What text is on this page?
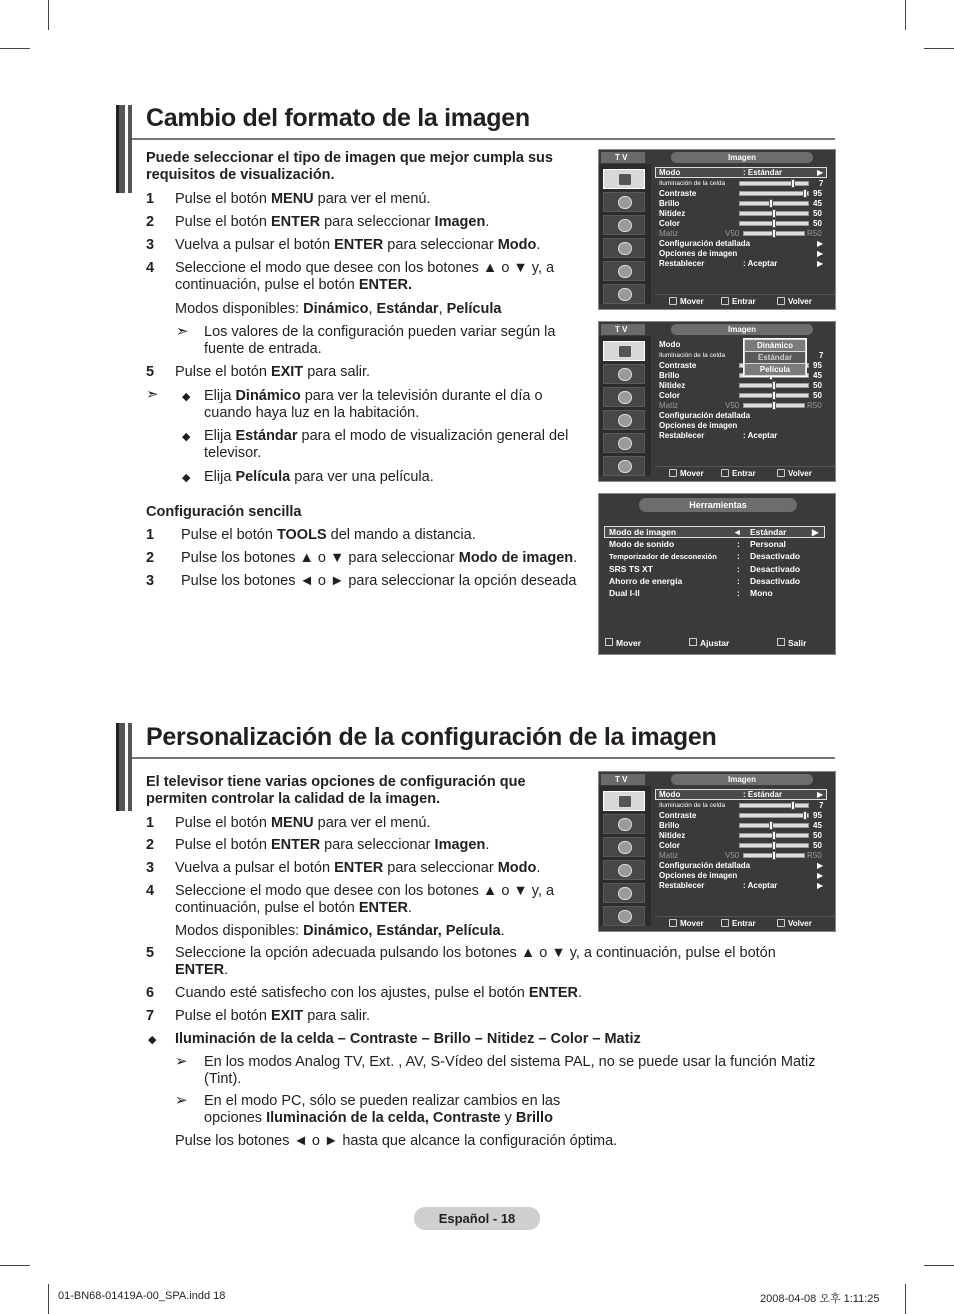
Cambio del formato de la imagen
Puede seleccionar el tipo de imagen que mejor cumpla sus requisitos de visualización.
1 Pulse el botón MENU para ver el menú.
2 Pulse el botón ENTER para seleccionar Imagen.
3 Vuelva a pulsar el botón ENTER para seleccionar Modo.
4 Seleccione el modo que desee con los botones ▲ o ▼ y, a
continuación, pulse el botón ENTER.
Modos disponibles: Dinámico, Estándar, Película
➣ Los valores de la configuración pueden variar según la fuente de entrada.
5 Pulse el botón EXIT para salir.
➣ ◆ Elija Dinámico para ver la televisión durante el día o cuando haya luz en la habitación.
◆ Elija Estándar para el modo de visualización general del televisor.
◆ Elija Película para ver una película.
Configuración sencilla
1 Pulse el botón TOOLS del mando a distancia.
2 Pulse los botones ▲ o ▼ para seleccionar Modo de imagen.
3 Pulse los botones ◄ o ► para seleccionar la opción deseada
T V	Imagen
Modo	: Estándar	▶
Iluminación de la celda	7
Contraste	95
Brillo	45
Nitidez	50
Color	50
Matiz	V50	R50
Configuración detallada	▶
Opciones de imagen	▶
Restablecer	: Aceptar	▶
Mover	Entrar	Volver
T V	Imagen
Modo
Iluminación de la celda	7
Contraste	95
Brillo	45
Nitidez	50
Color	50
Matiz	V50	R50
Configuración detallada
Opciones de imagen
Restablecer	: Aceptar
Dinámico
Estándar
Película
Mover	Entrar	Volver
Herramientas
Modo de imagen	◄ Estándar	▶
Modo de sonido	: Personal
Temporizador de desconexión : Desactivado
SRS TS XT	: Desactivado
Ahorro de energía	: Desactivado
Dual I-II	: Mono
Mover	Ajustar	Salir
Personalización de la configuración de la imagen
El televisor tiene varias opciones de configuración que permiten controlar la calidad de la imagen.
1 Pulse el botón MENU para ver el menú.
2 Pulse el botón ENTER para seleccionar Imagen.
3 Vuelva a pulsar el botón ENTER para seleccionar Modo.
4 Seleccione el modo que desee con los botones ▲ o ▼ y, a
continuación, pulse el botón ENTER.
Modos disponibles: Dinámico, Estándar, Película.
5 Seleccione la opción adecuada pulsando los botones ▲ o ▼ y, a continuación, pulse el botón
ENTER.
6 Cuando esté satisfecho con los ajustes, pulse el botón ENTER.
7 Pulse el botón EXIT para salir.
◆ Iluminación de la celda – Contraste – Brillo – Nitidez – Color – Matiz
➢ En los modos Analog TV, Ext. , AV, S-Vídeo del sistema PAL, no se puede usar la función Matiz (Tint).
➢ En el modo PC, sólo se pueden realizar cambios en las
opciones Iluminación de la celda, Contraste y Brillo
Pulse los botones ◄ o ► hasta que alcance la configuración óptima.
T V	Imagen
Modo	: Estándar	▶
Iluminación de la celda	7
Contraste	95
Brillo	45
Nitidez	50
Color	50
Matiz	V50	R50
Configuración detallada	▶
Opciones de imagen	▶
Restablecer	: Aceptar	▶
Mover	Entrar	Volver
Español - 18
01-BN68-01419A-00_SPA.indd 18	2008-04-08 오후 1:11:25
